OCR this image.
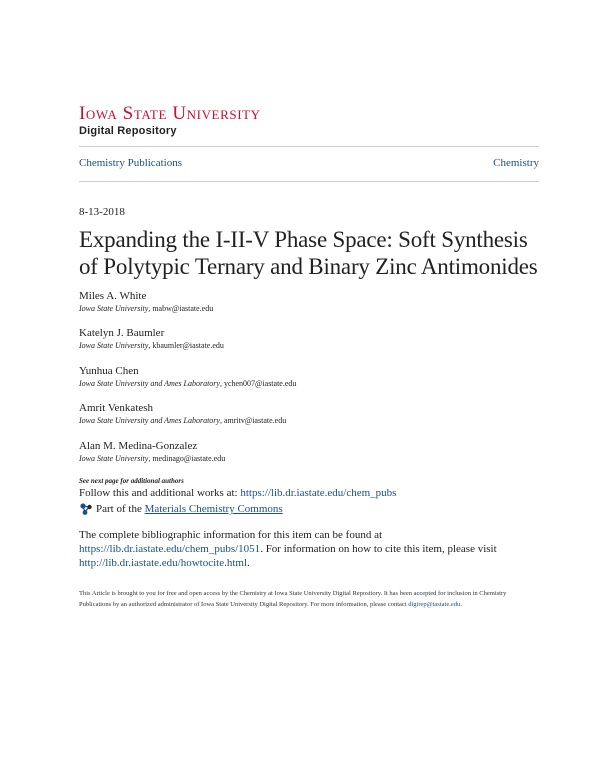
Iowa State University
Digital Repository
Chemistry Publications	Chemistry
8-13-2018
Expanding the I-II-V Phase Space: Soft Synthesis of Polytypic Ternary and Binary Zinc Antimonides
Miles A. White
Iowa State University, mabw@iastate.edu
Katelyn J. Baumler
Iowa State University, kbaumler@iastate.edu
Yunhua Chen
Iowa State University and Ames Laboratory, ychen007@iastate.edu
Amrit Venkatesh
Iowa State University and Ames Laboratory, amritv@iastate.edu
Alan M. Medina-Gonzalez
Iowa State University, medinago@iastate.edu
See next page for additional authors
Follow this and additional works at: https://lib.dr.iastate.edu/chem_pubs
Part of the
Materials Chemistry Commons
The complete bibliographic information for this item can be found at https://lib.dr.iastate.edu/chem_pubs/1051. For information on how to cite this item, please visit http://lib.dr.iastate.edu/howtocite.html.
This Article is brought to you for free and open access by the Chemistry at Iowa State University Digital Repository. It has been accepted for inclusion in Chemistry Publications by an authorized administrator of Iowa State University Digital Repository. For more information, please contact digirep@iastate.edu.
